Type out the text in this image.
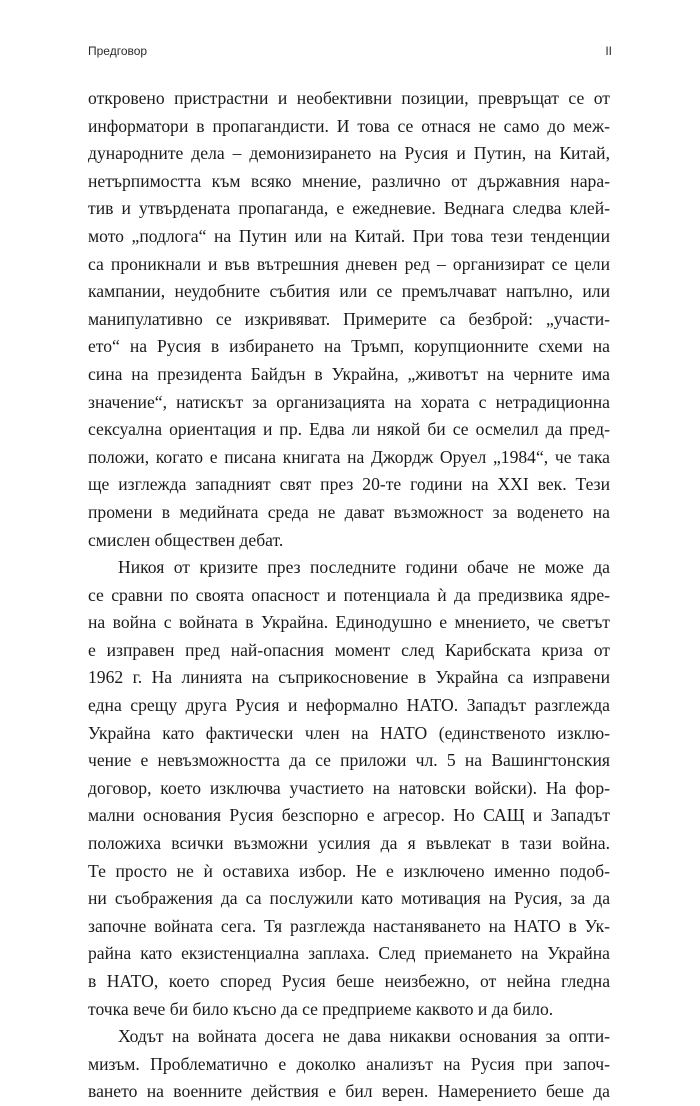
Предговор	II
откровено пристрастни и необективни позиции, превръщат се от
информатори в пропагандисти. И това се отнася не само до меж-
дународните дела – демонизирането на Русия и Путин, на Китай,
нетърпимостта към всяко мнение, различно от държавния нара-
тив и утвърдената пропаганда, е ежедневие. Веднага следва клей-
мото „подлога“ на Путин или на Китай. При това тези тенденции
са проникнали и във вътрешния дневен ред – организират се цели
кампании, неудобните събития или се премълчават напълно, или
манипулативно се изкривяват. Примерите са безброй: „участи-
ето“ на Русия в избирането на Тръмп, корупционните схеми на
сина на президента Байдън в Украйна, „животът на черните има
значение“, натискът за организацията на хората с нетрадиционна
сексуална ориентация и пр. Едва ли някой би се осмелил да пред-
положи, когато е писана книгата на Джордж Оруел „1984“, че така
ще изглежда западният свят през 20-те години на XXI век. Тези
промени в медийната среда не дават възможност за воденето на
смислен обществен дебат.
Никоя от кризите през последните години обаче не може да
се сравни по своята опасност и потенциала ѝ да предизвика ядре-
на война с войната в Украйна. Единодушно е мнението, че светът
е изправен пред най-опасния момент след Карибската криза от
1962 г. На линията на съприкосновение в Украйна са изправени
една срещу друга Русия и неформално НАТО. Западът разглежда
Украйна като фактически член на НАТО (единственото изклю-
чение е невъзможността да се приложи чл. 5 на Вашингтонския
договор, което изключва участието на натовски войски). На фор-
мални основания Русия безспорно е агресор. Но САЩ и Западът
положиха всички възможни усилия да я въвлекат в тази война.
Те просто не ѝ оставиха избор. Не е изключено именно подоб-
ни съображения да са послужили като мотивация на Русия, за да
започне войната сега. Тя разглежда настаняването на НАТО в Ук-
райна като екзистенциална заплаха. След приемането на Украйна
в НАТО, което според Русия беше неизбежно, от нейна гледна
точка вече би било късно да се предприеме каквото и да било.
Ходът на войната досега не дава никакви основания за опти-
мизъм. Проблематично е доколко анализът на Русия при започ-
ването на военните действия е бил верен. Намерението беше да
